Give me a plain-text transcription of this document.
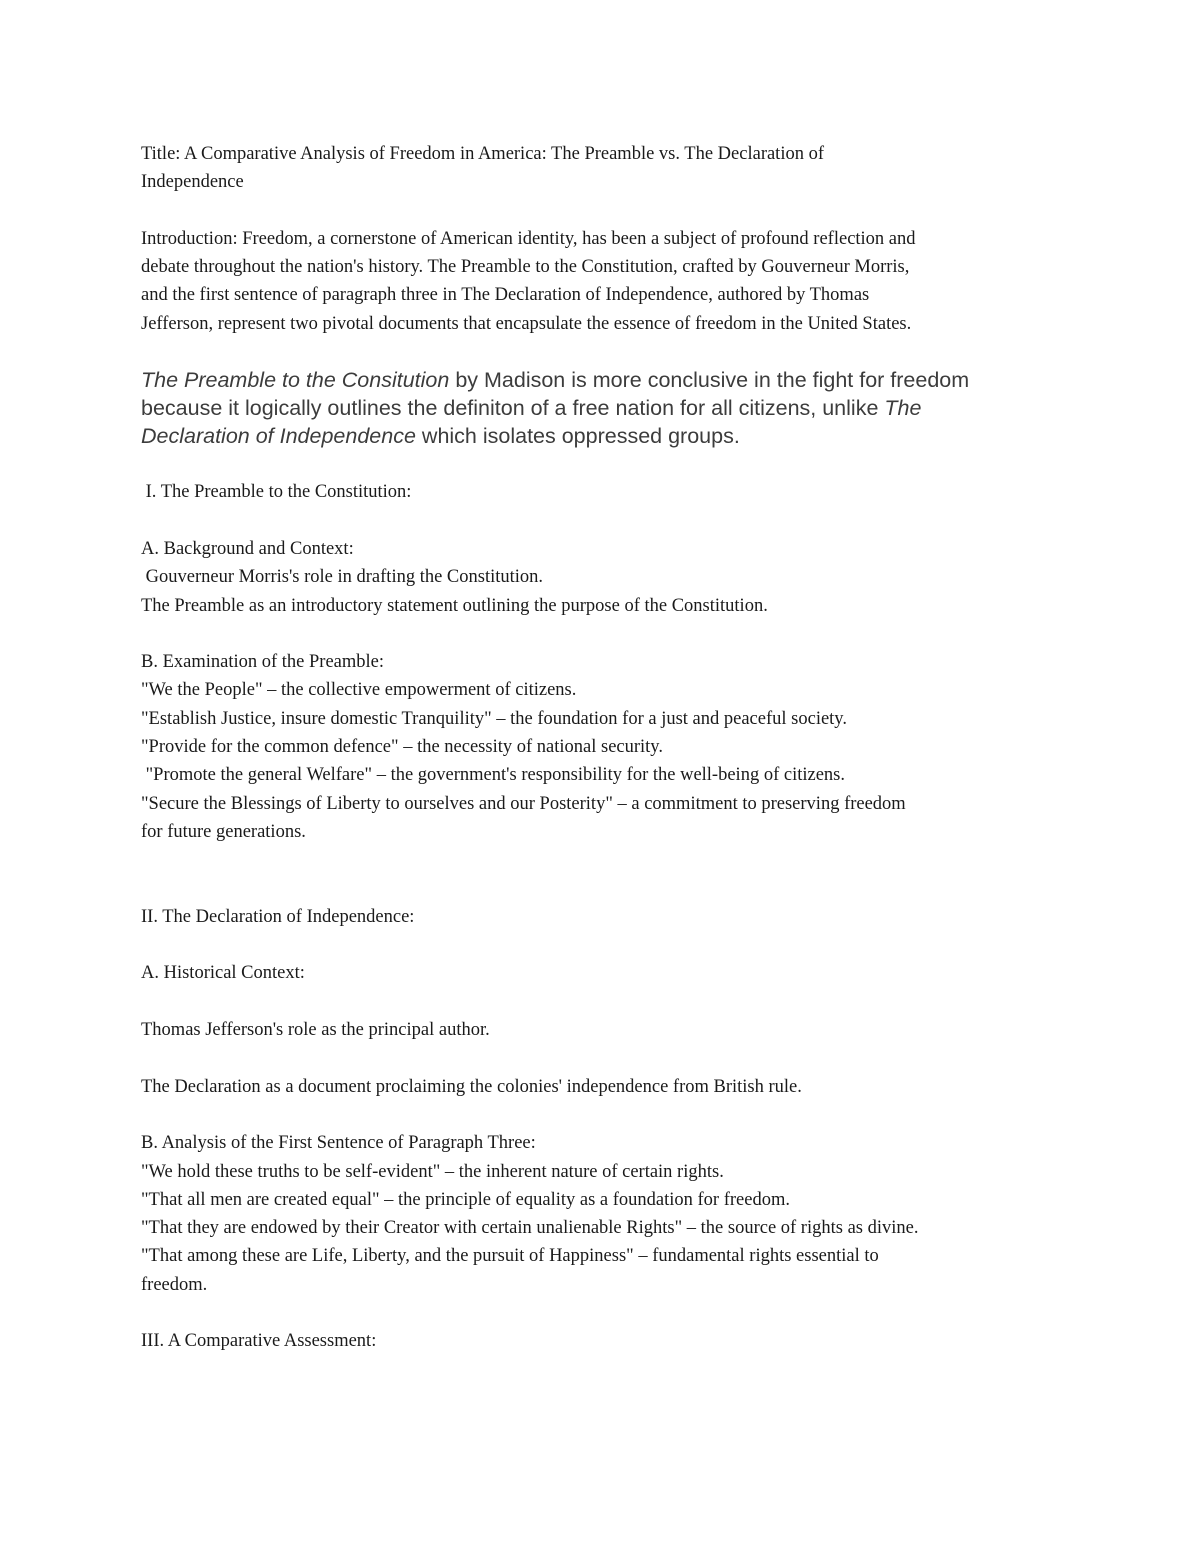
Title: A Comparative Analysis of Freedom in America: The Preamble vs. The Declaration of
Independence
Introduction: Freedom, a cornerstone of American identity, has been a subject of profound reflection and
debate throughout the nation's history. The Preamble to the Constitution, crafted by Gouverneur Morris,
and the first sentence of paragraph three in The Declaration of Independence, authored by Thomas
Jefferson, represent two pivotal documents that encapsulate the essence of freedom in the United States.
The Preamble to the Consitution by Madison is more conclusive in the fight for freedom
because it logically outlines the definiton of a free nation for all citizens, unlike The
Declaration of Independence which isolates oppressed groups.
I. The Preamble to the Constitution:
A. Background and Context:
Gouverneur Morris's role in drafting the Constitution.
The Preamble as an introductory statement outlining the purpose of the Constitution.
B. Examination of the Preamble:
"We the People" – the collective empowerment of citizens.
"Establish Justice, insure domestic Tranquility" – the foundation for a just and peaceful society.
"Provide for the common defence" – the necessity of national security.
"Promote the general Welfare" – the government's responsibility for the well-being of citizens.
"Secure the Blessings of Liberty to ourselves and our Posterity" – a commitment to preserving freedom
for future generations.
II. The Declaration of Independence:
A. Historical Context:
Thomas Jefferson's role as the principal author.
The Declaration as a document proclaiming the colonies' independence from British rule.
B. Analysis of the First Sentence of Paragraph Three:
"We hold these truths to be self-evident" – the inherent nature of certain rights.
"That all men are created equal" – the principle of equality as a foundation for freedom.
"That they are endowed by their Creator with certain unalienable Rights" – the source of rights as divine.
"That among these are Life, Liberty, and the pursuit of Happiness" – fundamental rights essential to
freedom.
III. A Comparative Assessment:
